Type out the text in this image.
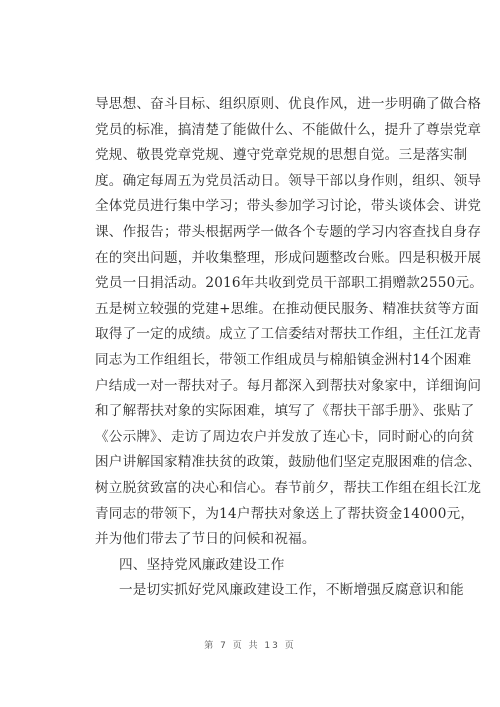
导思想、奋斗目标、组织原则、优良作风，进一步明确了做合格
党员的标准，搞清楚了能做什么、不能做什么，提升了尊崇党章
党规、敬畏党章党规、遵守党章党规的思想自觉。三是落实制
度。确定每周五为党员活动日。领导干部以身作则，组织、领导
全体党员进行集中学习；带头参加学习讨论，带头谈体会、讲党
课、作报告；带头根据两学一做各个专题的学习内容查找自身存
在的突出问题，并收集整理，形成问题整改台账。四是积极开展
党员一日捐活动。2016年共收到党员干部职工捐赠款2550元。
五是树立较强的党建+思维。在推动便民服务、精准扶贫等方面
取得了一定的成绩。成立了工信委结对帮扶工作组，主任江龙青
同志为工作组组长，带领工作组成员与棉船镇金洲村14个困难
户结成一对一帮扶对子。每月都深入到帮扶对象家中，详细询问
和了解帮扶对象的实际困难，填写了《帮扶干部手册》、张贴了
《公示牌》、走访了周边农户并发放了连心卡，同时耐心的向贫
困户讲解国家精准扶贫的政策，鼓励他们坚定克服困难的信念、
树立脱贫致富的决心和信心。春节前夕，帮扶工作组在组长江龙
青同志的带领下，为14户帮扶对象送上了帮扶资金14000元，
并为他们带去了节日的问候和祝福。
四、坚持党风廉政建设工作
一是切实抓好党风廉政建设工作，不断增强反腐意识和能
第 7 页 共 13 页
